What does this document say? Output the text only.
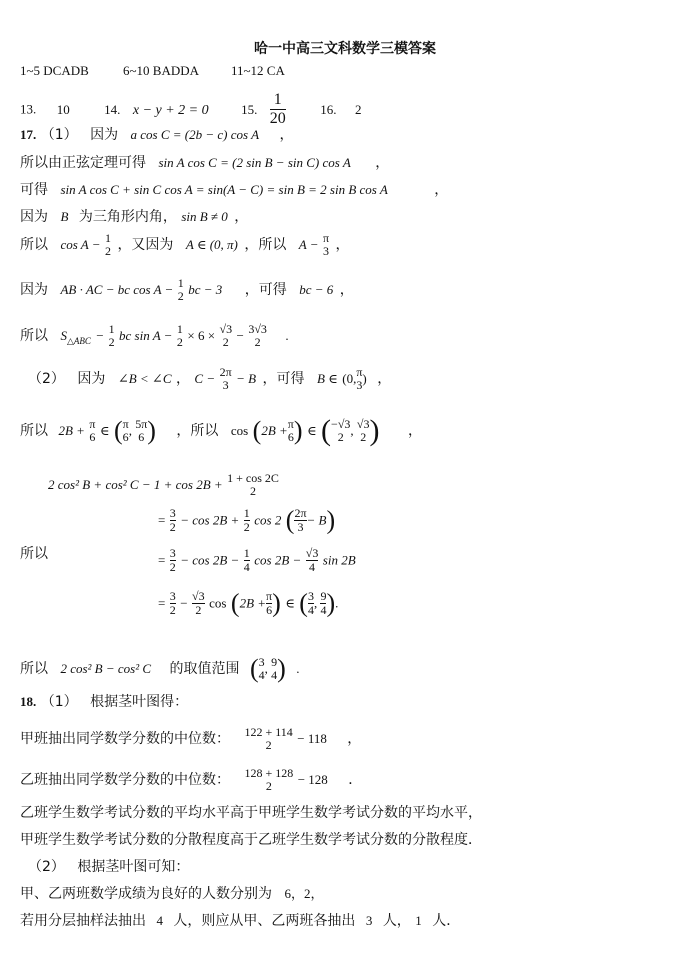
哈一中高三文科数学三模答案
1~5 DCADB	6~10 BADDA 11~12 CA
13. 10	14. x − y + 2 = 0 15. $\frac{1}{20}$	16. 2
17. （1） 因为 a cos C = (2b − c) cos A ，
所以由正弦定理可得 sin A cos C = (2 sin B − sin C) cos A ，
可得 sin A cos C + sin C cos A = sin(A − C) = sin B = 2 sin B cos A	，
因为 B 为三角形内角， sin B ≠ 0 ，
所以 cos A − 1
2 ，又因为 A ∈ (0, π) ，所以 A − π
3 ，
因为 AB · AC − bc cos A − 1
2 bc − 3 ，可得 bc − 6 ，
所以 $S_{\triangle ABC} - 1$
2 bc sin A − 1
2 × 6 × √3
2 − 3√3
2	.
（2） 因为 ∠B < ∠C ， C − 2π
3 − B ，可得 B ∈ (0, π
3 ) ，
所以 2B + π
6 ∈ ( π
6 , 5π
6 ) ，所以 cos (2B + π
6 ) ∈ ( −√3
2 , √3
2 ) ，
2 cos² B + cos² C − 1 + cos 2B + 1 + cos 2C
2
= $\frac{3}{2} - \cos 2B + \frac{1}{2}$ cos 2 ( $\frac{2\pi}{3} - B$)
所以	= $\frac{3}{2} - \cos 2B - \frac{1}{4}$ $\cos 2B - \frac{√3}{4}$ sin 2B
= $\frac{3}{2} - \frac{√3}{2}$ $\cos (2B + \frac{\pi}{6}$ ) ∈ ( $\frac{3}{4}$ , $\frac{9}{4}$ ).
所以 2 cos² B − cos² C 的取值范围 ( 3
4 , 9
4 ) .
18. （1） 根据茎叶图得：
甲班抽出同学数学分数的中位数： 122 + 114
2	− 118 ，
乙班抽出同学数学分数的中位数： 128 + 128
2	− 128 ．
乙班学生数学考试分数的平均水平高于甲班学生数学考试分数的平均水平，
甲班学生数学考试分数的分散程度高于乙班学生数学考试分数的分散程度．
（2） 根据茎叶图可知：
甲、乙两班数学成绩为良好的人数分别为 6，2，
若用分层抽样法抽出 4 人，则应从甲、乙两班各抽出 3 人， 1 人．
